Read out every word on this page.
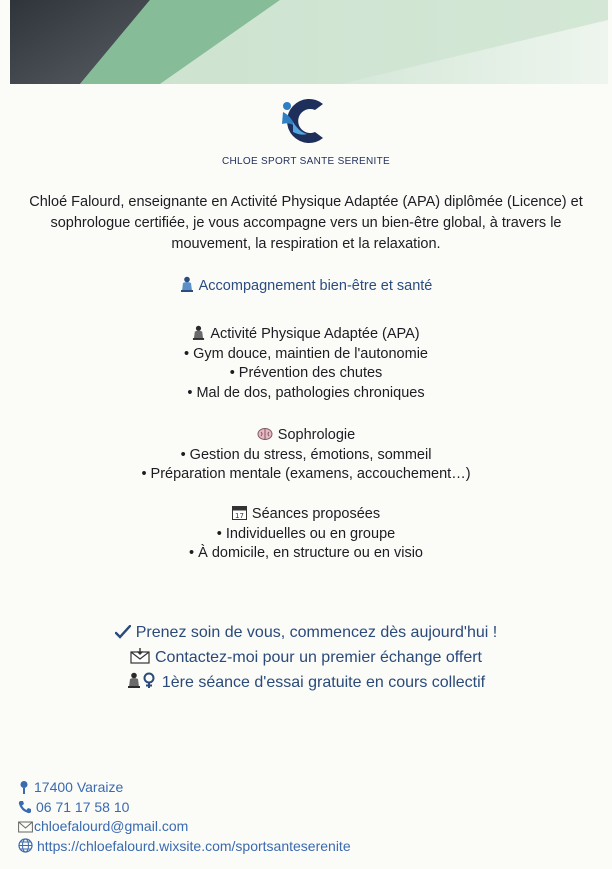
CHLOE SPORT SANTE SERENITE
Chloé Falourd, enseignante en Activité Physique Adaptée (APA) diplômée (Licence) et sophrologue certifiée, je vous accompagne vers un bien-être global, à travers le mouvement, la respiration et la relaxation.
Accompagnement bien-être et santé
Activité Physique Adaptée (APA)
• Gym douce, maintien de l'autonomie
• Prévention des chutes
• Mal de dos, pathologies chroniques
Sophrologie
• Gestion du stress, émotions, sommeil
• Préparation mentale (examens, accouchement…)
17 Séances proposées
• Individuelles ou en groupe
• À domicile, en structure ou en visio
Prenez soin de vous, commencez dès aujourd'hui !
Contactez-moi pour un premier échange offert
1ère séance d'essai gratuite en cours collectif
17400 Varaize
06 71 17 58 10
chloefalourd@gmail.com
https://chloefalourd.wixsite.com/sportsanteserenite
